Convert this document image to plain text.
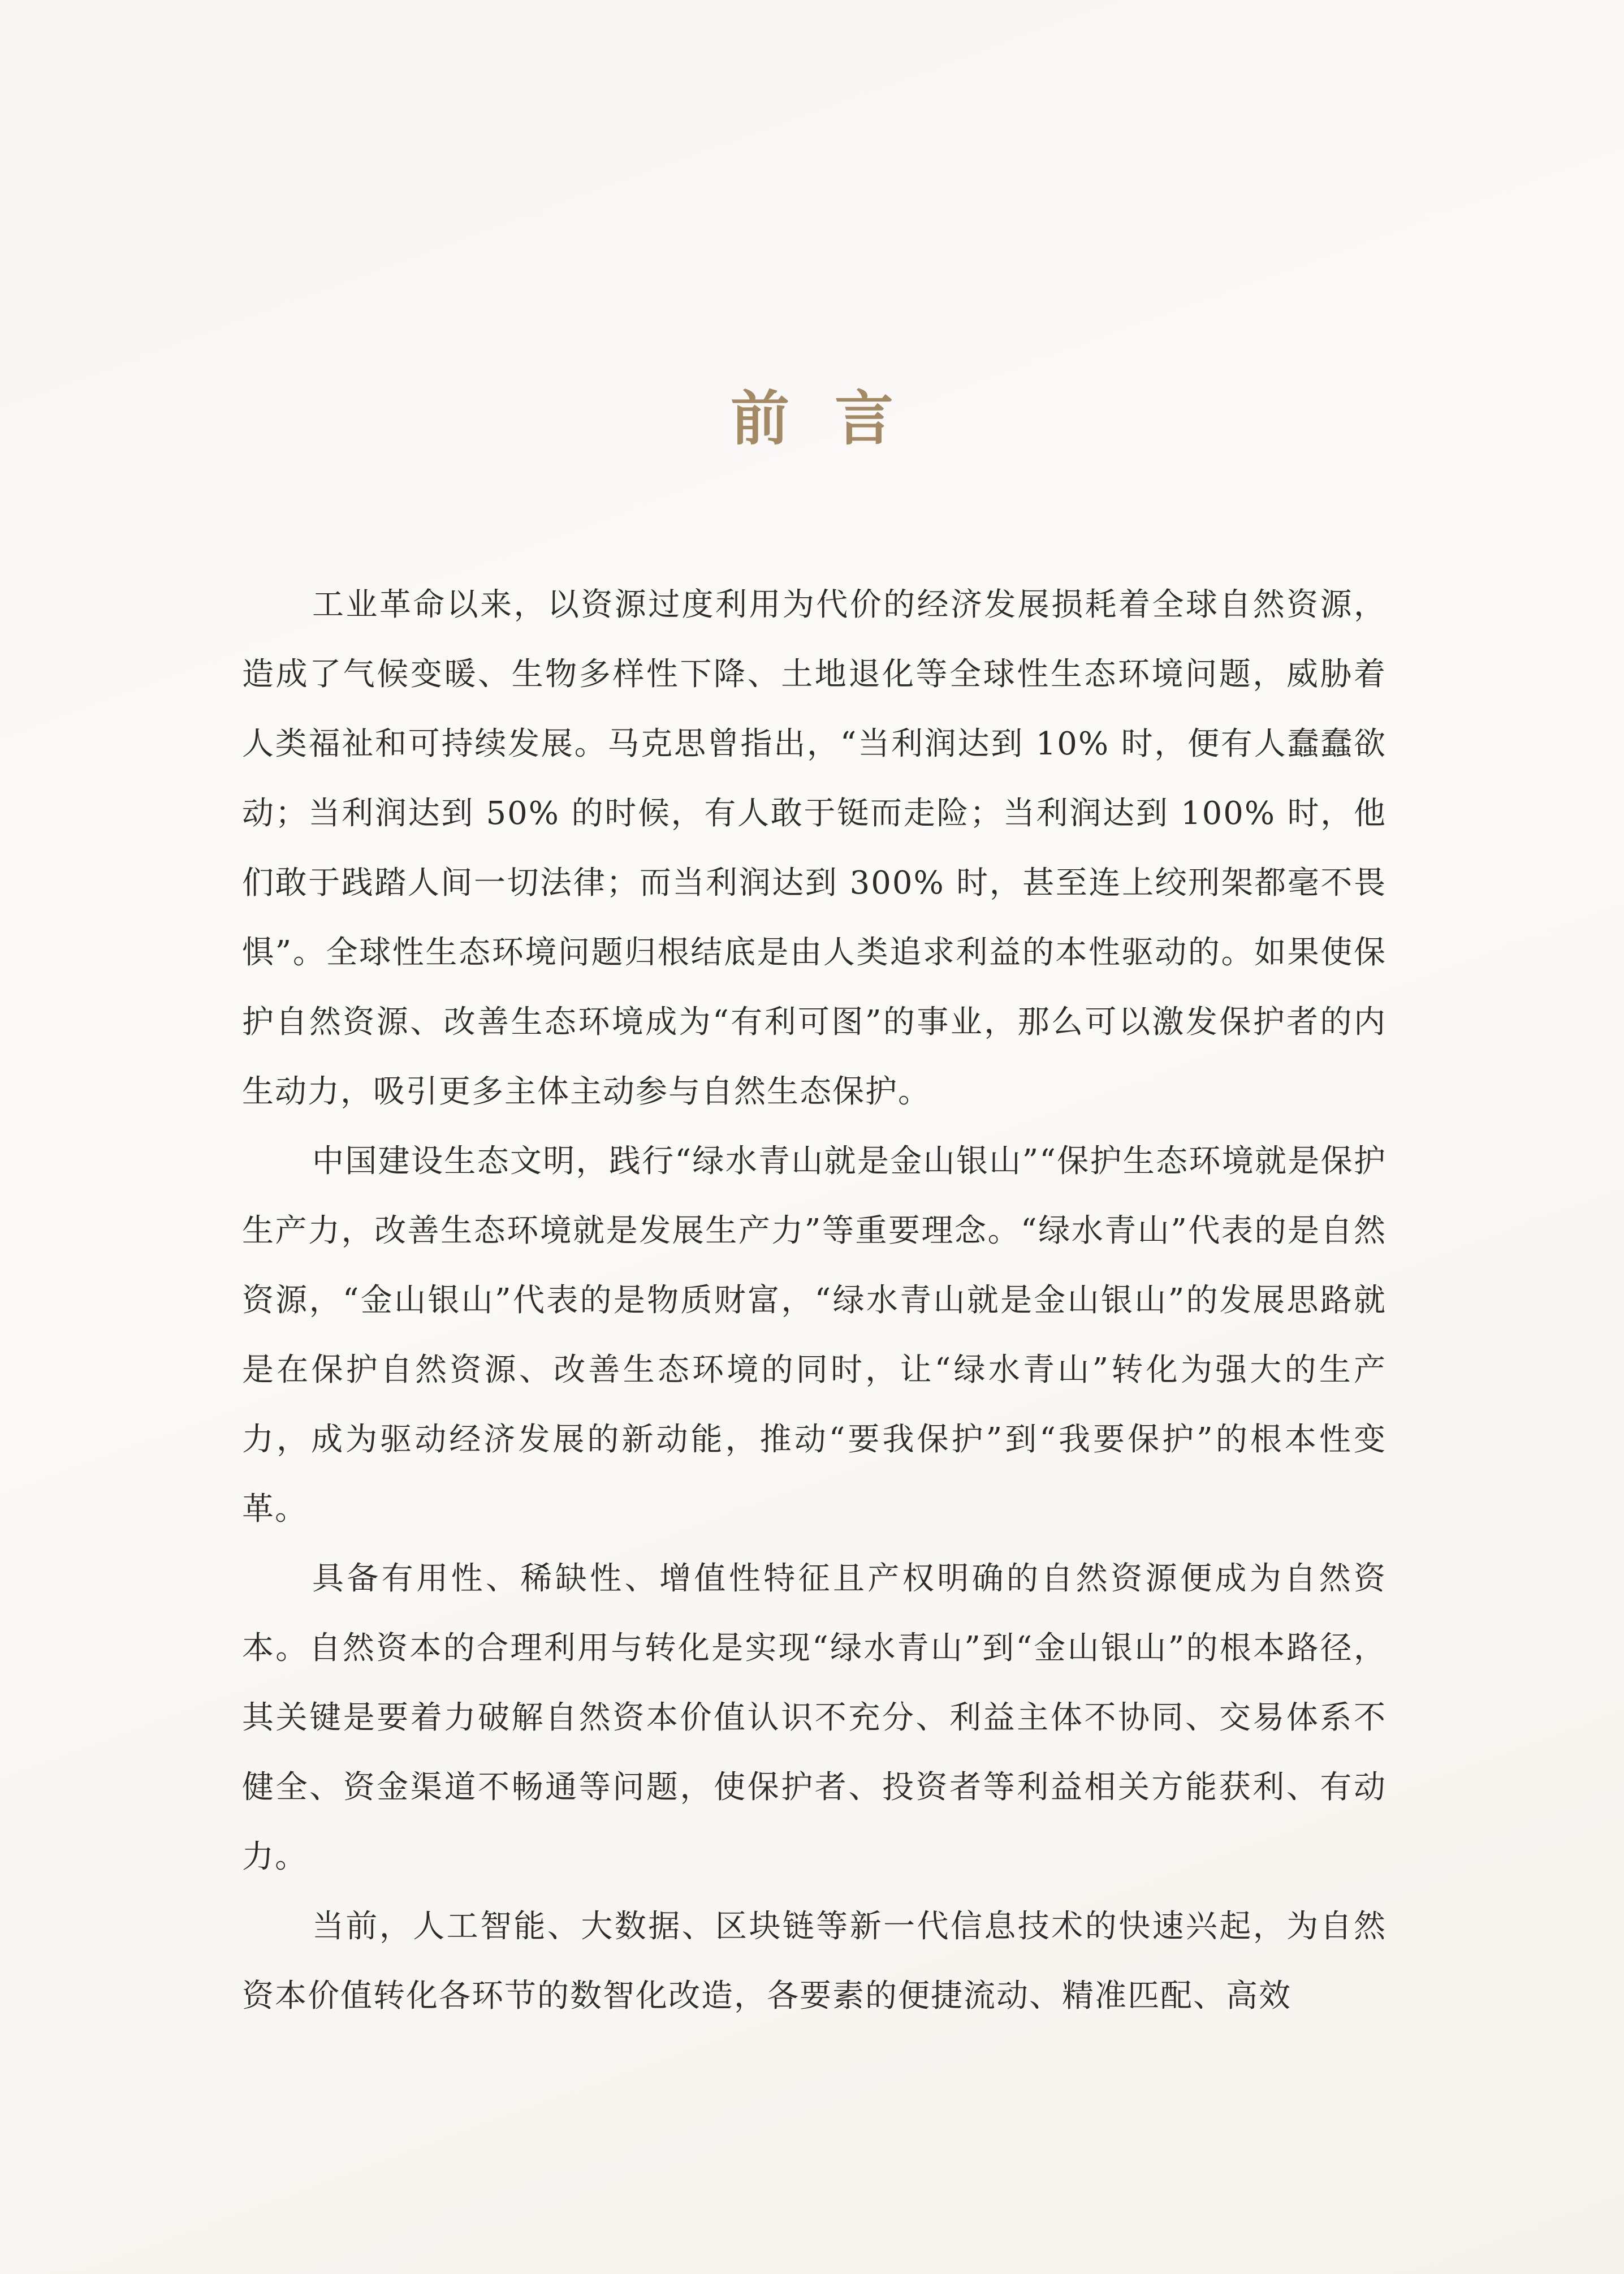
前言

工业革命以来，以资源过度利用为代价的经济发展损耗着全球自然资源，造成了气候变暖、生物多样性下降、土地退化等全球性生态环境问题，威胁着人类福祉和可持续发展。马克思曾指出，“当利润达到 10% 时，便有人蠢蠢欲动；当利润达到 50% 的时候，有人敢于铤而走险；当利润达到 100% 时，他们敢于践踏人间一切法律；而当利润达到 300% 时，甚至连上绞刑架都毫不畏惧”。全球性生态环境问题归根结底是由人类追求利益的本性驱动的。如果使保护自然资源、改善生态环境成为“有利可图”的事业，那么可以激发保护者的内生动力，吸引更多主体主动参与自然生态保护。

中国建设生态文明，践行“绿水青山就是金山银山”“保护生态环境就是保护生产力，改善生态环境就是发展生产力”等重要理念。“绿水青山”代表的是自然资源，“金山银山”代表的是物质财富，“绿水青山就是金山银山”的发展思路就是在保护自然资源、改善生态环境的同时，让“绿水青山”转化为强大的生产力，成为驱动经济发展的新动能，推动“要我保护”到“我要保护”的根本性变革。

具备有用性、稀缺性、增值性特征且产权明确的自然资源便成为自然资本。自然资本的合理利用与转化是实现“绿水青山”到“金山银山”的根本路径，其关键是要着力破解自然资本价值认识不充分、利益主体不协同、交易体系不健全、资金渠道不畅通等问题，使保护者、投资者等利益相关方能获利、有动力。

当前，人工智能、大数据、区块链等新一代信息技术的快速兴起，为自然资本价值转化各环节的数智化改造，各要素的便捷流动、精准匹配、高效
